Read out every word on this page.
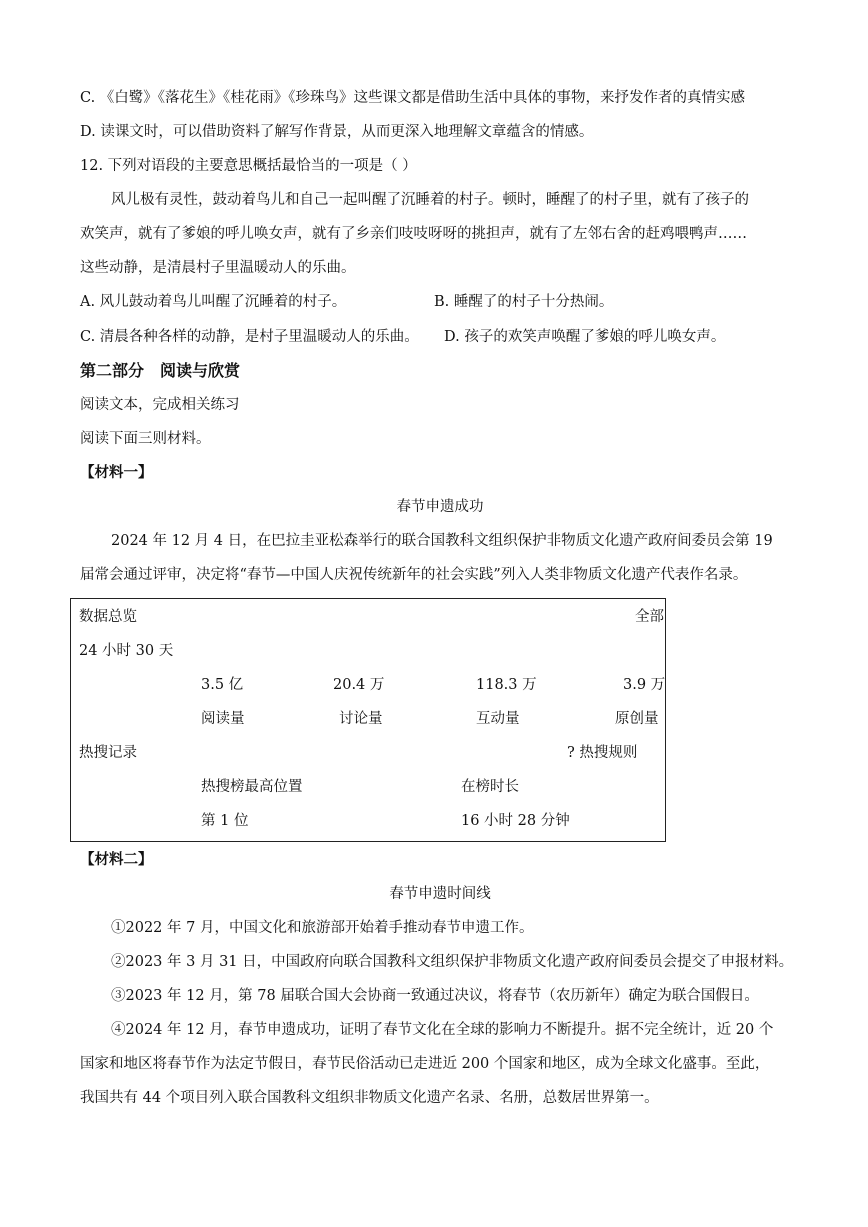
C. 《白鹭》《落花生》《桂花雨》《珍珠鸟》这些课文都是借助生活中具体的事物，来抒发作者的真情实感
D. 读课文时，可以借助资料了解写作背景，从而更深入地理解文章蕴含的情感。
12. 下列对语段的主要意思概括最恰当的一项是（ ）
风儿极有灵性，鼓动着鸟儿和自己一起叫醒了沉睡着的村子。顿时，睡醒了的村子里，就有了孩子的
欢笑声，就有了爹娘的呼儿唤女声，就有了乡亲们吱吱呀呀的挑担声，就有了左邻右舍的赶鸡喂鸭声……
这些动静，是清晨村子里温暖动人的乐曲。
A. 风儿鼓动着鸟儿叫醒了沉睡着的村子。	B. 睡醒了的村子十分热闹。
C. 清晨各种各样的动静，是村子里温暖动人的乐曲。 D. 孩子的欢笑声唤醒了爹娘的呼儿唤女声。
第二部分　阅读与欣赏
阅读文本，完成相关练习
阅读下面三则材料。
【材料一】
春节申遗成功
2024 年 12 月 4 日，在巴拉圭亚松森举行的联合国教科文组织保护非物质文化遗产政府间委员会第 19
届常会通过评审，决定将“春节—中国人庆祝传统新年的社会实践”列入人类非物质文化遗产代表作名录。
数据总览	全部
24 小时 30 天
3.5 亿	20.4 万	118.3 万	3.9 万
阅读量	讨论量	互动量	原创量
热搜记录	? 热搜规则
热搜榜最高位置	在榜时长
第 1 位	16 小时 28 分钟
【材料二】
春节申遗时间线
①2022 年 7 月，中国文化和旅游部开始着手推动春节申遗工作。
②2023 年 3 月 31 日，中国政府向联合国教科文组织保护非物质文化遗产政府间委员会提交了申报材料。
③2023 年 12 月，第 78 届联合国大会协商一致通过决议，将春节（农历新年）确定为联合国假日。
④2024 年 12 月，春节申遗成功，证明了春节文化在全球的影响力不断提升。据不完全统计，近 20 个
国家和地区将春节作为法定节假日，春节民俗活动已走进近 200 个国家和地区，成为全球文化盛事。至此，
我国共有 44 个项目列入联合国教科文组织非物质文化遗产名录、名册，总数居世界第一。
